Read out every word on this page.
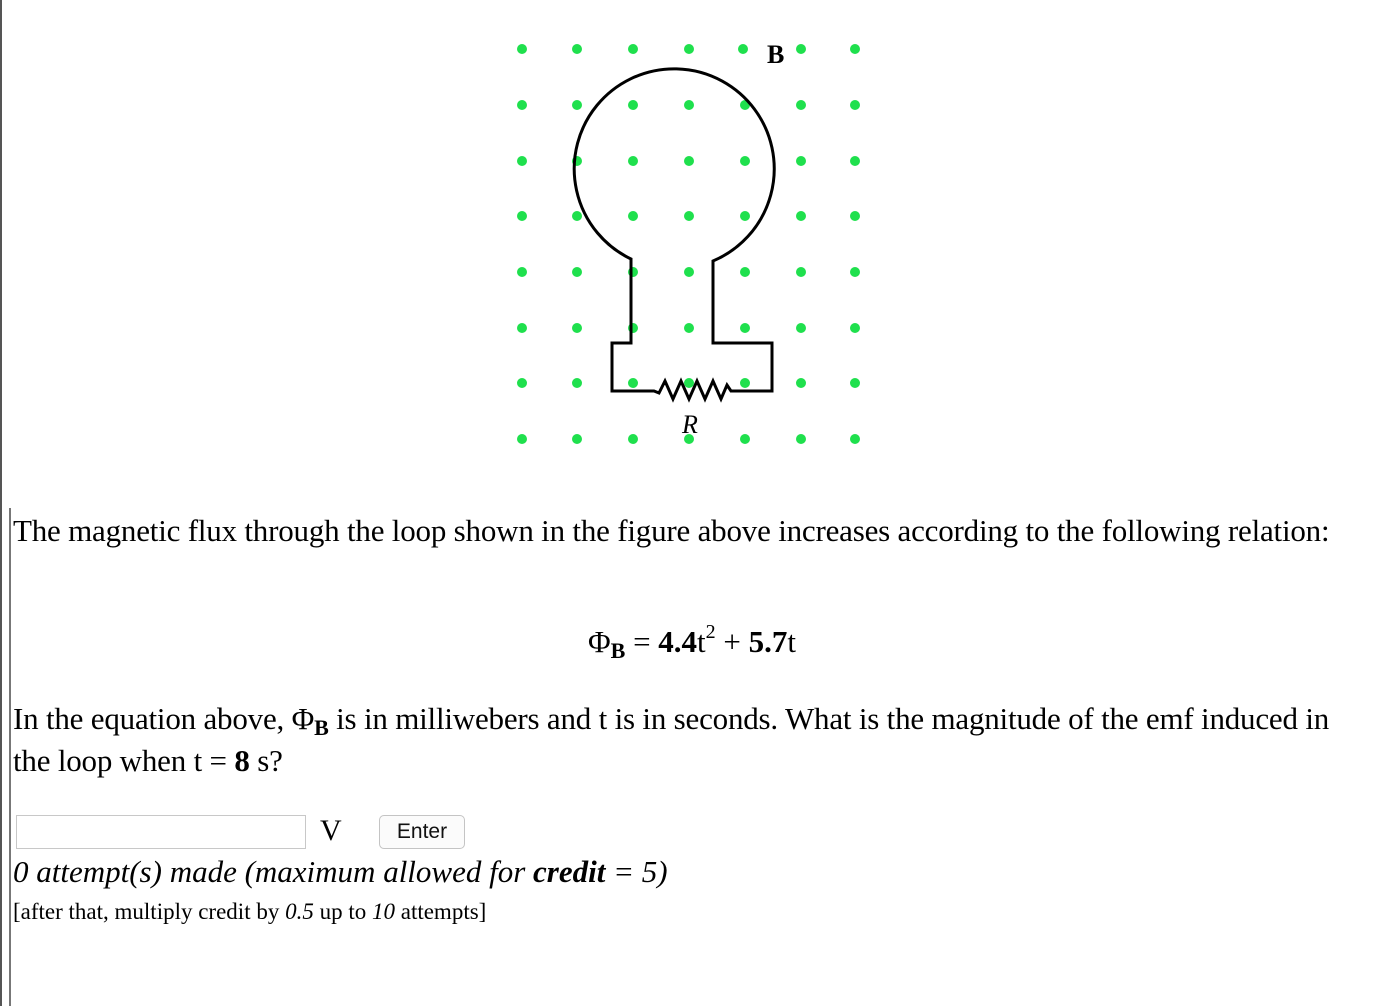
B
R
The magnetic flux through the loop shown in the figure above increases according to the following relation:
$\Phi_B = 4.4t^2 + 5.7t$
In the equation above, $\Phi_B$ is in milliwebers and t is in seconds. What is the magnitude of the emf induced in the loop when t = 8 s?
V	Enter
0 attempt(s) made (maximum allowed for credit = 5)
[after that, multiply credit by 0.5 up to 10 attempts]
